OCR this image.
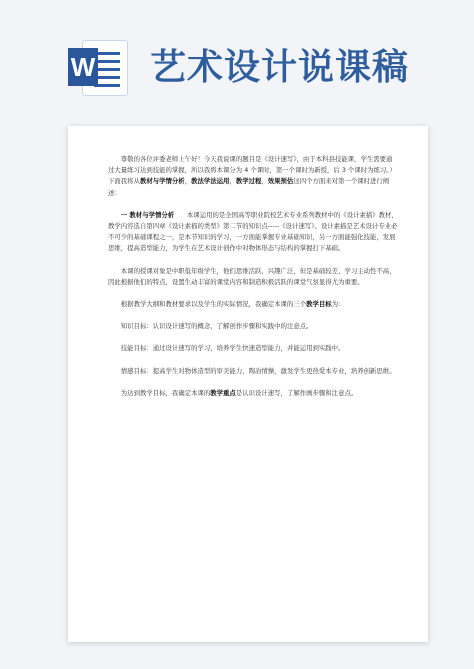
W 艺术设计说课稿

尊敬的各位评委老师上午好！今天我说课的题目是《设计速写》，由于本科县技能课，学生需要通过大量练习达到技能的掌握，所以我将本课分为 4 个课时，第一个课时为新授，后 3 个课时为练习。）下面我将从教材与学情分析，教法学法运用，教学过程，效果预估这四个方面来对第一个课时进行阐述：

一 教材与学情分析　　本课运用的是全国高等职业院校艺术专业系列教材中的《设计素描》教材，教学内容选自第四章《设计素描的类型》第二节的知识点-----《设计速写》。设计素描是艺术设计专业必不可少的基础课程之一，是本节知识的学习，一方面能掌握专业基础知识，另一方面能强化技能，发展思维，提高造型能力，为学生在艺术设计创作中对物体形态与结构的掌握打下基础。

本课的授课对象是中职低年级学生，他们思维活跃，兴趣广泛，但是基础较差，学习主动性不高，因此根据他们的特点，设置生动丰富的课堂内容和制造积极活跃的课堂气氛显得尤为重要。

根据教学大纲和教材要求以及学生的实际情况，我确定本课的三个教学目标为：

知识目标：认识设计速写的概念，了解创作步骤和实践中的注意点。

技能目标：通过设计速写的学习，培养学生快速造型能力，并能运用到实践中。

情感目标：提高学生对物体造型的审美能力，陶冶情操，激发学生更热爱本专业，培养创新思维。

为达到教学目标，我确定本课的教学重点是认识设计速写，了解作画步骤和注意点。
